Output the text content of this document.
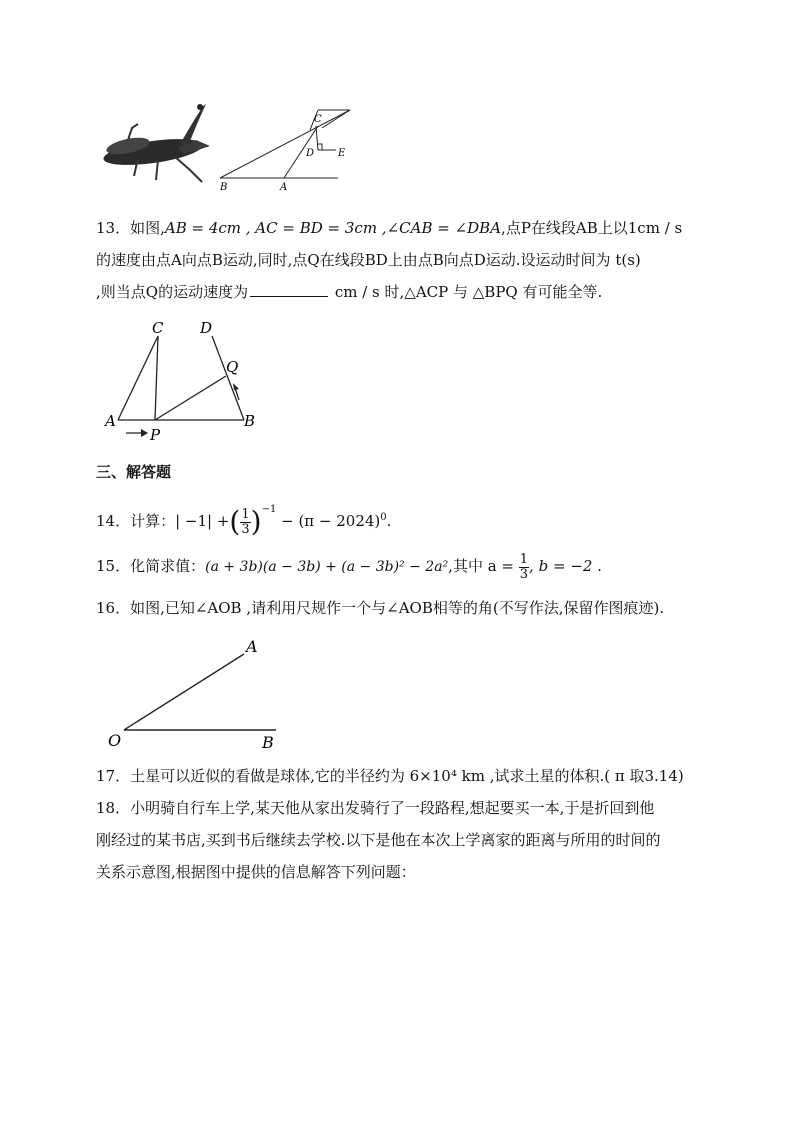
C
D E
B	A
13．如图,AB = 4cm , AC = BD = 3cm ,∠CAB = ∠DBA,点P在线段AB上以1cm / s
的速度由点A向点B运动,同时,点Q在线段BD上由点B向点D运动.设运动时间为 t(s)
,则当点Q的运动速度为	cm / s 时,△ACP 与 △BPQ 有可能全等.
C D
Q
A	B
P
三、解答题
14．计算：| −1| +( $\frac{1}{3} )^{-1} - (\pi - 2024)^0$.
15．化简求值：(a + 3b)(a − 3b) + (a − 3b)² − 2a²,其中 $a = \frac{1}{3}$ , b = −2 .
16．如图,已知∠AOB ,请利用尺规作一个与∠AOB相等的角(不写作法,保留作图痕迹).
A
O	B
17．土星可以近似的看做是球体,它的半径约为 6×10⁴ km ,试求土星的体积.( π 取3.14)
18．小明骑自行车上学,某天他从家出发骑行了一段路程,想起要买一本,于是折回到他
刚经过的某书店,买到书后继续去学校.以下是他在本次上学离家的距离与所用的时间的
关系示意图,根据图中提供的信息解答下列问题：
